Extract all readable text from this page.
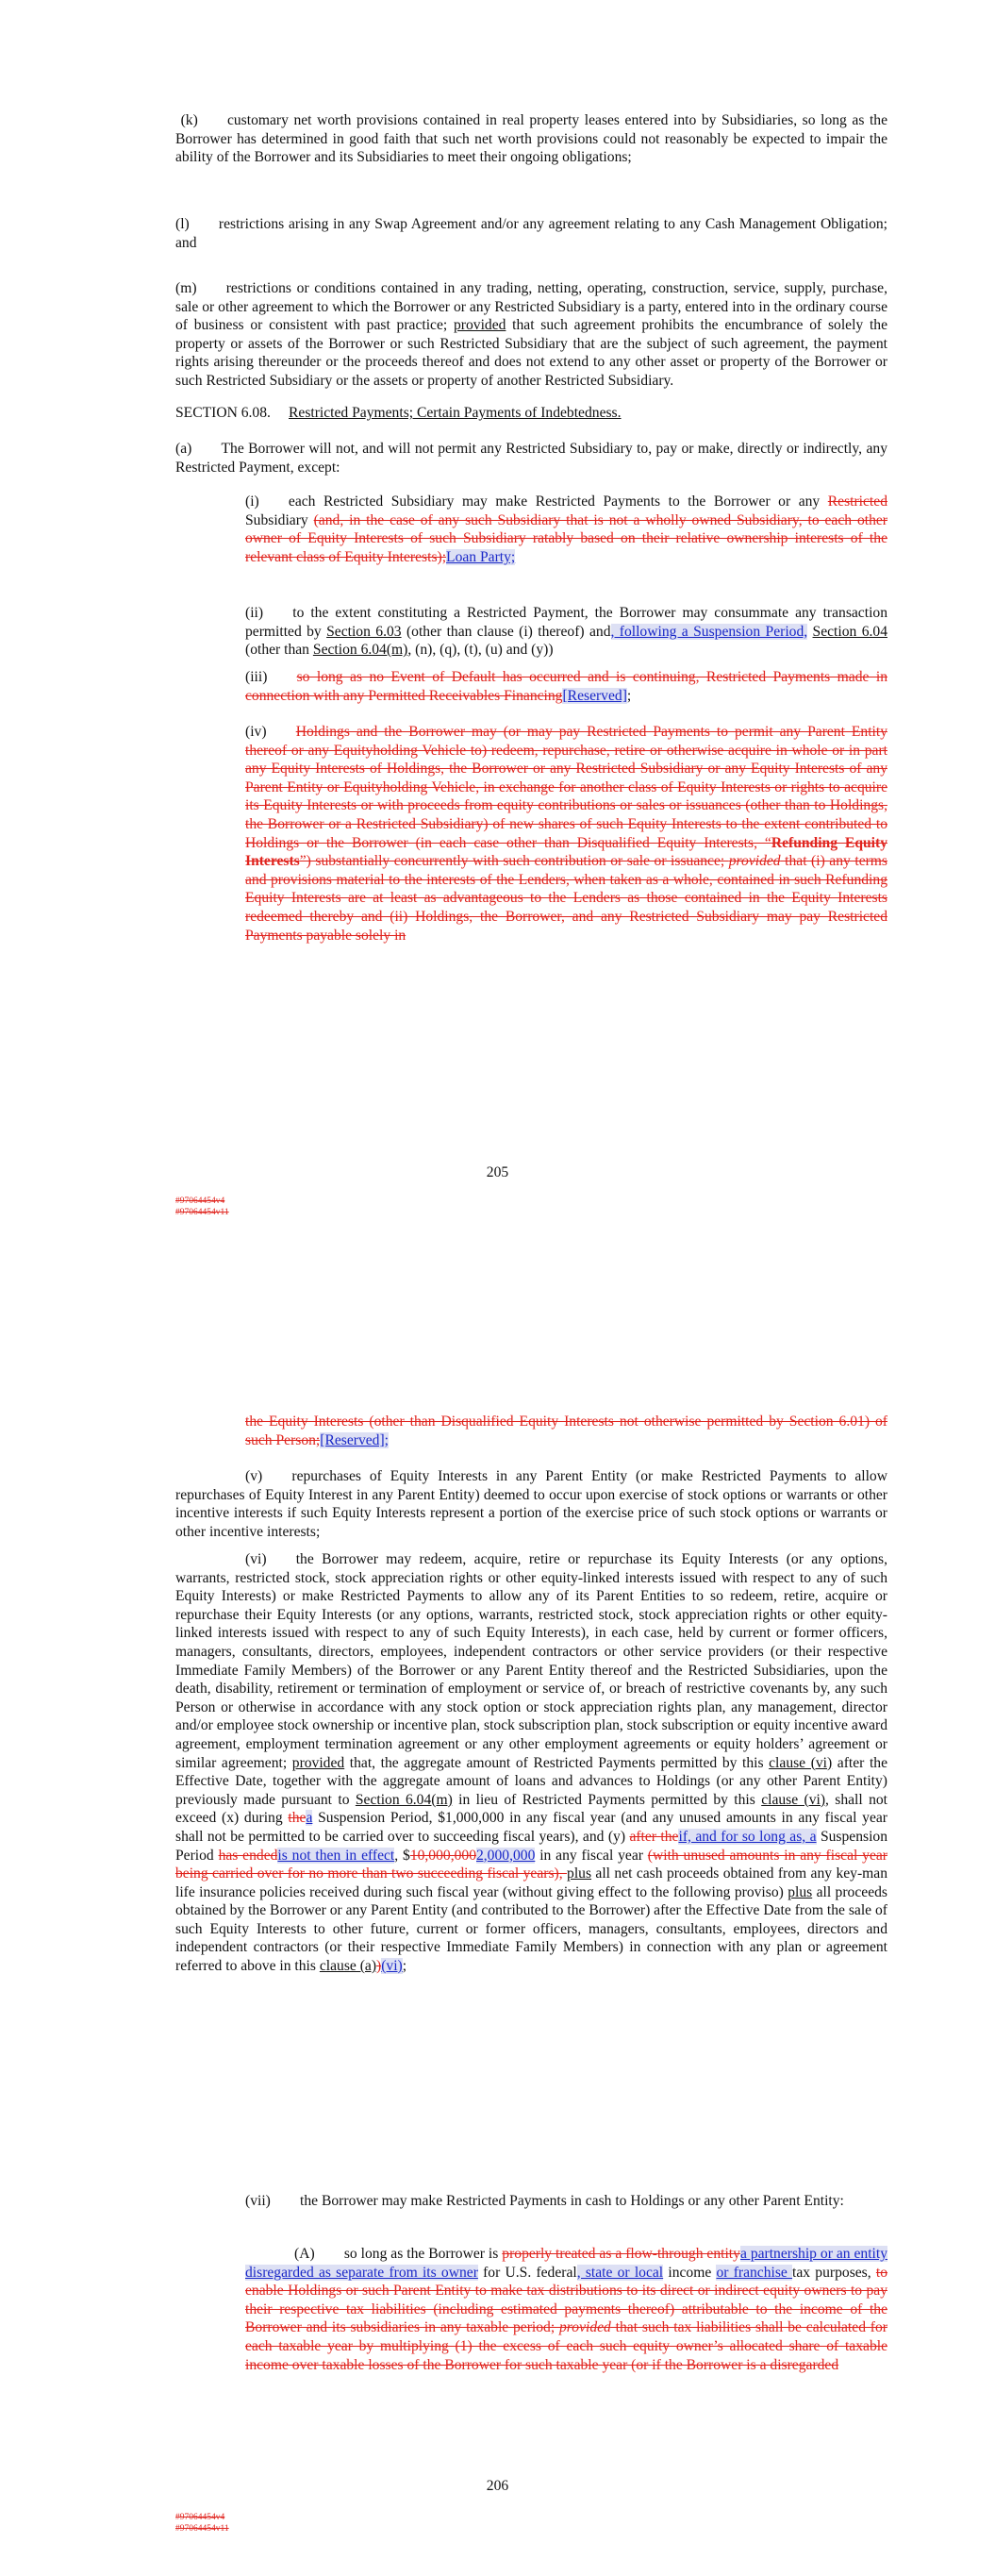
(k)  customary net worth provisions contained in real property leases entered into by Subsidiaries, so long as the Borrower has determined in good faith that such net worth provisions could not reasonably be expected to impair the ability of the Borrower and its Subsidiaries to meet their ongoing obligations;

(l)  restrictions arising in any Swap Agreement and/or any agreement relating to any Cash Management Obligation; and

(m)  restrictions or conditions contained in any trading, netting, operating, construction, service, supply, purchase, sale or other agreement to which the Borrower or any Restricted Subsidiary is a party, entered into in the ordinary course of business or consistent with past practice; provided that such agreement prohibits the encumbrance of solely the property or assets of the Borrower or such Restricted Subsidiary that are the subject of such agreement, the payment rights arising thereunder or the proceeds thereof and does not extend to any other asset or property of the Borrower or such Restricted Subsidiary or the assets or property of another Restricted Subsidiary.

SECTION 6.08. Restricted Payments; Certain Payments of Indebtedness.

(a)  The Borrower will not, and will not permit any Restricted Subsidiary to, pay or make, directly or indirectly, any Restricted Payment, except:

(i)  each Restricted Subsidiary may make Restricted Payments to the Borrower or any Restricted Subsidiary (and, in the case of any such Subsidiary that is not a wholly owned Subsidiary, to each other owner of Equity Interests of such Subsidiary ratably based on their relative ownership interests of the relevant class of Equity Interests);Loan Party;

(ii)  to the extent constituting a Restricted Payment, the Borrower may consummate any transaction permitted by Section 6.03 (other than clause (i) thereof) and, following a Suspension Period, Section 6.04 (other than Section 6.04(m), (n), (q), (t), (u) and (y))

(iii)  so long as no Event of Default has occurred and is continuing, Restricted Payments made in connection with any Permitted Receivables Financing[Reserved];

(iv)  Holdings and the Borrower may (or may pay Restricted Payments to permit any Parent Entity thereof or any Equityholding Vehicle to) redeem, repurchase, retire or otherwise acquire in whole or in part any Equity Interests of Holdings, the Borrower or any Restricted Subsidiary or any Equity Interests of any Parent Entity or Equityholding Vehicle, in exchange for another class of Equity Interests or rights to acquire its Equity Interests or with proceeds from equity contributions or sales or issuances (other than to Holdings, the Borrower or a Restricted Subsidiary) of new shares of such Equity Interests to the extent contributed to Holdings or the Borrower (in each case other than Disqualified Equity Interests, “Refunding Equity Interests”) substantially concurrently with such contribution or sale or issuance; provided that (i) any terms and provisions material to the interests of the Lenders, when taken as a whole, contained in such Refunding Equity Interests are at least as advantageous to the Lenders as those contained in the Equity Interests redeemed thereby and (ii) Holdings, the Borrower, and any Restricted Subsidiary may pay Restricted Payments payable solely in

205
#97064454v4
#97064454v11

the Equity Interests (other than Disqualified Equity Interests not otherwise permitted by Section 6.01) of such Person;[Reserved];

(v)  repurchases of Equity Interests in any Parent Entity (or make Restricted Payments to allow repurchases of Equity Interest in any Parent Entity) deemed to occur upon exercise of stock options or warrants or other incentive interests if such Equity Interests represent a portion of the exercise price of such stock options or warrants or other incentive interests;

(vi)  the Borrower may redeem, acquire, retire or repurchase its Equity Interests (or any options, warrants, restricted stock, stock appreciation rights or other equity-linked interests issued with respect to any of such Equity Interests) or make Restricted Payments to allow any of its Parent Entities to so redeem, retire, acquire or repurchase their Equity Interests (or any options, warrants, restricted stock, stock appreciation rights or other equity-linked interests issued with respect to any of such Equity Interests), in each case, held by current or former officers, managers, consultants, directors, employees, independent contractors or other service providers (or their respective Immediate Family Members) of the Borrower or any Parent Entity thereof and the Restricted Subsidiaries, upon the death, disability, retirement or termination of employment or service of, or breach of restrictive covenants by, any such Person or otherwise in accordance with any stock option or stock appreciation rights plan, any management, director and/or employee stock ownership or incentive plan, stock subscription plan, stock subscription or equity incentive award agreement, employment termination agreement or any other employment agreements or equity holders’ agreement or similar agreement; provided that, the aggregate amount of Restricted Payments permitted by this clause (vi) after the Effective Date, together with the aggregate amount of loans and advances to Holdings (or any other Parent Entity) previously made pursuant to Section 6.04(m) in lieu of Restricted Payments permitted by this clause (vi), shall not exceed (x) during thea Suspension Period, $1,000,000 in any fiscal year (and any unused amounts in any fiscal year shall not be permitted to be carried over to succeeding fiscal years), and (y) after theif, and for so long as, a Suspension Period has endedis not then in effect, $10,000,0002,000,000 in any fiscal year (with unused amounts in any fiscal year being carried over for no more than two succeeding fiscal years), plus all net cash proceeds obtained from any key-man life insurance policies received during such fiscal year (without giving effect to the following proviso) plus all proceeds obtained by the Borrower or any Parent Entity (and contributed to the Borrower) after the Effective Date from the sale of such Equity Interests to other future, current or former officers, managers, consultants, employees, directors and independent contractors (or their respective Immediate Family Members) in connection with any plan or agreement referred to above in this clause (a))(vi);

(vii)  the Borrower may make Restricted Payments in cash to Holdings or any other Parent Entity:

(A)  so long as the Borrower is properly treated as a flow-through entitya partnership or an entity disregarded as separate from its owner for U.S. federal, state or local income or franchise tax purposes, to enable Holdings or such Parent Entity to make tax distributions to its direct or indirect equity owners to pay their respective tax liabilities (including estimated payments thereof) attributable to the income of the Borrower and its subsidiaries in any taxable period; provided that such tax liabilities shall be calculated for each taxable year by multiplying (1) the excess of each such equity owner’s allocated share of taxable income over taxable losses of the Borrower for such taxable year (or if the Borrower is a disregarded

206
#97064454v4
#97064454v11
